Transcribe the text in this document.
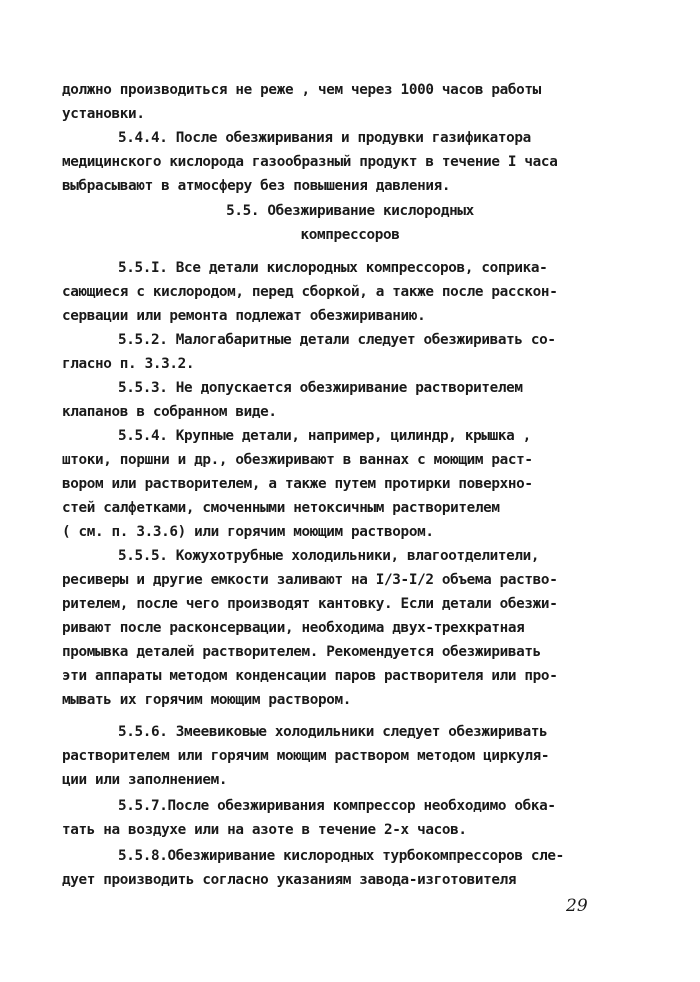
должно производиться не реже , чем через 1000 часов работы
установки.
5.4.4. После обезжиривания и продувки газификатора
медицинского кислорода газообразный продукт в течение I часа
выбрасывают в атмосферу без повышения давления.
5.5. Обезжиривание кислородных
компрессоров
5.5.I. Все детали кислородных компрессоров, соприка-
сающиеся с кислородом, перед сборкой, а также после расскон-
сервации или ремонта подлежат обезжириванию.
5.5.2. Малогабаритные детали следует обезжиривать со-
гласно п. 3.3.2.
5.5.3. Не допускается обезжиривание растворителем
клапанов в собранном виде.
5.5.4. Крупные детали, например, цилиндр, крышка ,
штоки, поршни и др., обезжиривают в ваннах с моющим раст-
вором или растворителем, а также путем протирки поверхно-
стей салфетками, смоченными нетоксичным растворителем
( см. п. 3.3.6) или горячим моющим раствором.
5.5.5. Кожухотрубные холодильники, влагоотделители,
ресиверы и другие емкости заливают на I/3-I/2 объема раство-
рителем, после чего производят кантовку. Если детали обезжи-
ривают после расконсервации, необходима двух-трехкратная
промывка деталей растворителем. Рекомендуется обезжиривать
эти аппараты методом конденсации паров растворителя или про-
мывать их горячим моющим раствором.
5.5.6. Змеевиковые холодильники следует обезжиривать
растворителем или горячим моющим раствором методом циркуля-
ции или заполнением.
5.5.7.После обезжиривания компрессор необходимо обка-
тать на воздухе или на азоте в течение 2-х часов.
5.5.8.Обезжиривание кислородных турбокомпрессоров сле-
дует производить согласно указаниям завода-изготовителя
29
